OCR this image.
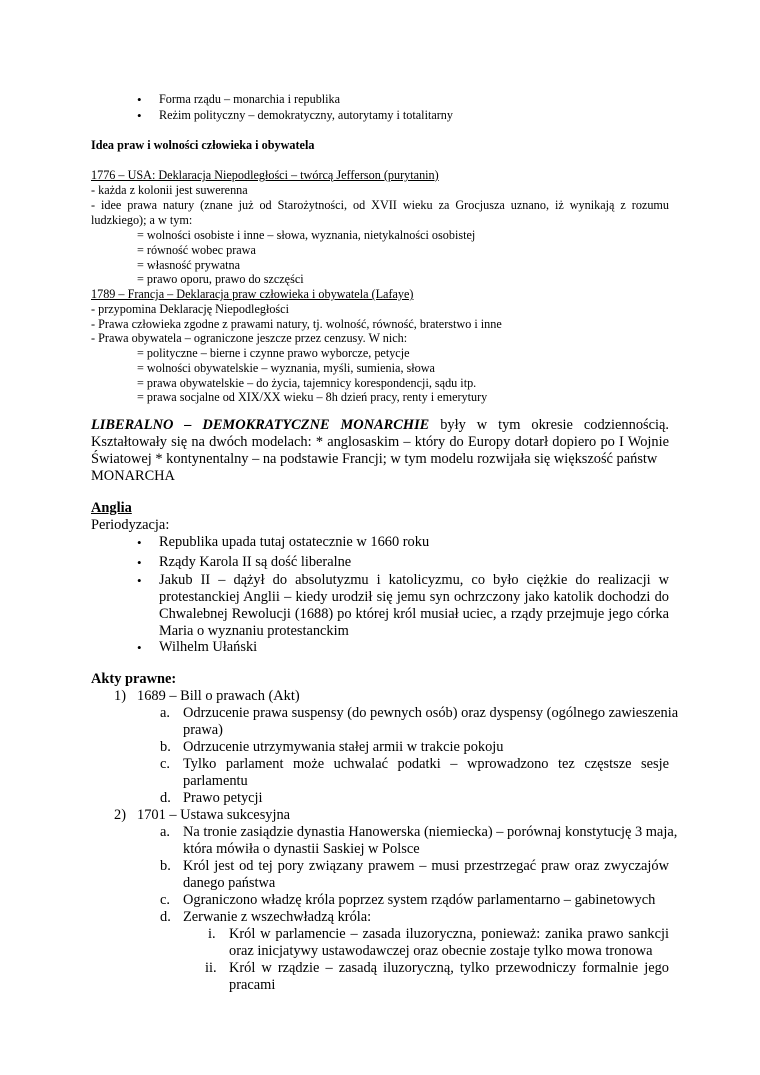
• Forma rządu – monarchia i republika
• Reżim polityczny – demokratyczny, autorytamy i totalitarny
Idea praw i wolności człowieka i obywatela
1776 – USA: Deklaracja Niepodległości – twórcą Jefferson (purytanin)
- każda z kolonii jest suwerenna
- idee prawa natury (znane już od Starożytności, od XVII wieku za Grocjusza uznano, iż wynikają z rozumu
ludzkiego); a w tym:
= wolności osobiste i inne – słowa, wyznania, nietykalności osobistej
= równość wobec prawa
= własność prywatna
= prawo oporu, prawo do szczęści
1789 – Francja – Deklaracja praw człowieka i obywatela (Lafaye)
- przypomina Deklarację Niepodległości
- Prawa człowieka zgodne z prawami natury, tj. wolność, równość, braterstwo i inne
- Prawa obywatela – ograniczone jeszcze przez cenzusy. W nich:
= polityczne – bierne i czynne prawo wyborcze, petycje
= wolności obywatelskie – wyznania, myśli, sumienia, słowa
= prawa obywatelskie – do życia, tajemnicy korespondencji, sądu itp.
= prawa socjalne od XIX/XX wieku – 8h dzień pracy, renty i emerytury
LIBERALNO – DEMOKRATYCZNE MONARCHIE były w tym okresie codziennością.
Kształtowały się na dwóch modelach: * anglosaskim – który do Europy dotarł dopiero po I Wojnie
Światowej * kontynentalny – na podstawie Francji; w tym modelu rozwijała się większość państw
MONARCHA
Anglia
Periodyzacja:
• Republika upada tutaj ostatecznie w 1660 roku
• Rządy Karola II są dość liberalne
• Jakub II – dążył do absolutyzmu i katolicyzmu, co było ciężkie do realizacji w
protestanckiej Anglii – kiedy urodził się jemu syn ochrzczony jako katolik dochodzi do
Chwalebnej Rewolucji (1688) po której król musiał uciec, a rządy przejmuje jego córka
Maria o wyznaniu protestanckim
• Wilhelm Ułański
Akty prawne:
1) 1689 – Bill o prawach (Akt)
a. Odrzucenie prawa suspensy (do pewnych osób) oraz dyspensy (ogólnego zawieszenia
prawa)
b. Odrzucenie utrzymywania stałej armii w trakcie pokoju
c. Tylko parlament może uchwalać podatki – wprowadzono tez częstsze sesje
parlamentu
d. Prawo petycji
2) 1701 – Ustawa sukcesyjna
a. Na tronie zasiądzie dynastia Hanowerska (niemiecka) – porównaj konstytucję 3 maja,
która mówiła o dynastii Saskiej w Polsce
b. Król jest od tej pory związany prawem – musi przestrzegać praw oraz zwyczajów
danego państwa
c. Ograniczono władzę króla poprzez system rządów parlamentarno – gabinetowych
d. Zerwanie z wszechwładzą króla:
i. Król w parlamencie – zasada iluzoryczna, ponieważ: zanika prawo sankcji
oraz inicjatywy ustawodawczej oraz obecnie zostaje tylko mowa tronowa
ii. Król w rządzie – zasadą iluzoryczną, tylko przewodniczy formalnie jego
pracami
